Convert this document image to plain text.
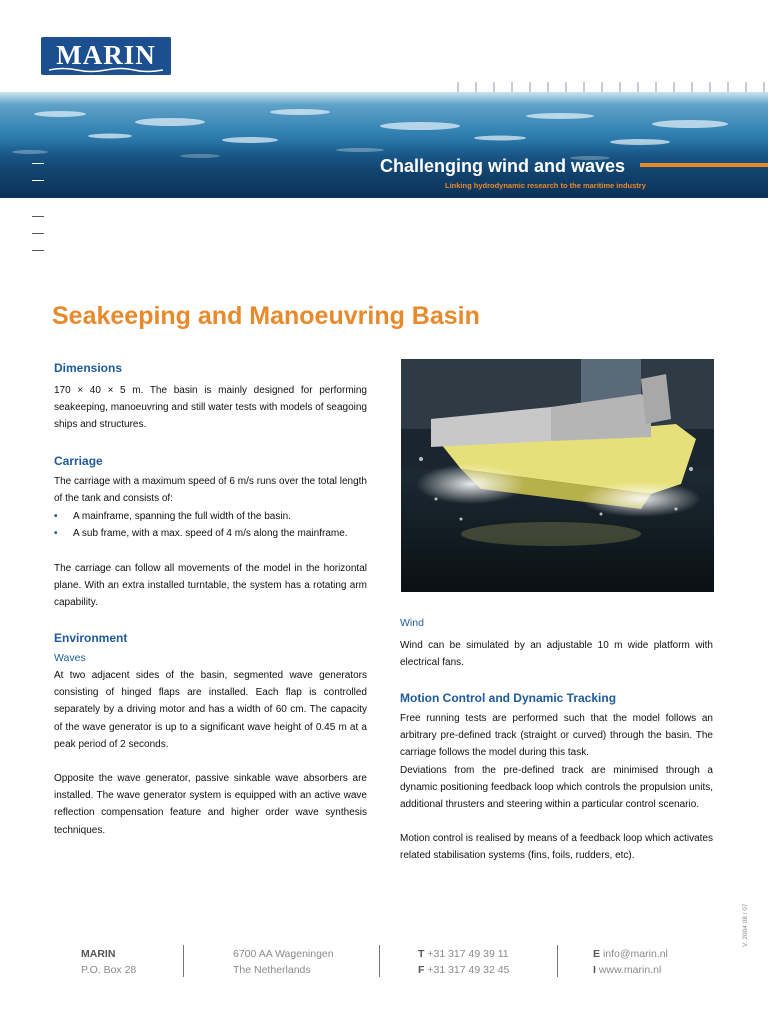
MARIN
Challenging wind and waves
Linking hydrodynamic research to the maritime industry
Seakeeping and Manoeuvring Basin
Dimensions
170 × 40 × 5 m. The basin is mainly designed for performing seakeeping, manoeuvring and still water tests with models of seagoing ships and structures.
Carriage
The carriage with a maximum speed of 6 m/s runs over the total length of the tank and consists of:
• A mainframe, spanning the full width of the basin.
• A sub frame, with a max. speed of 4 m/s along the mainframe.
The carriage can follow all movements of the model in the horizontal plane. With an extra installed turntable, the system has a rotating arm capability.
Environment
Waves
At two adjacent sides of the basin, segmented wave generators consisting of hinged flaps are installed. Each flap is controlled separately by a driving motor and has a width of 60 cm. The capacity of the wave generator is up to a significant wave height of 0.45 m at a peak period of 2 seconds.
Opposite the wave generator, passive sinkable wave absorbers are installed. The wave generator system is equipped with an active wave reflection compensation feature and higher order wave synthesis techniques.
Wind
Wind can be simulated by an adjustable 10 m wide platform with electrical fans.
Motion Control and Dynamic Tracking
Free running tests are performed such that the model follows an arbitrary pre-defined track (straight or curved) through the basin. The carriage follows the model during this task.
Deviations from the pre-defined track are minimised through a dynamic positioning feedback loop which controls the propulsion units, additional thrusters and steering within a particular control scenario.
Motion control is realised by means of a feedback loop which activates related stabilisation systems (fins, foils, rudders, etc).
V. 2004 08 / 07
MARIN
P.O. Box 28
6700 AA Wageningen
The Netherlands
T +31 317 49 39 11
F +31 317 49 32 45
E info@marin.nl
I www.marin.nl
